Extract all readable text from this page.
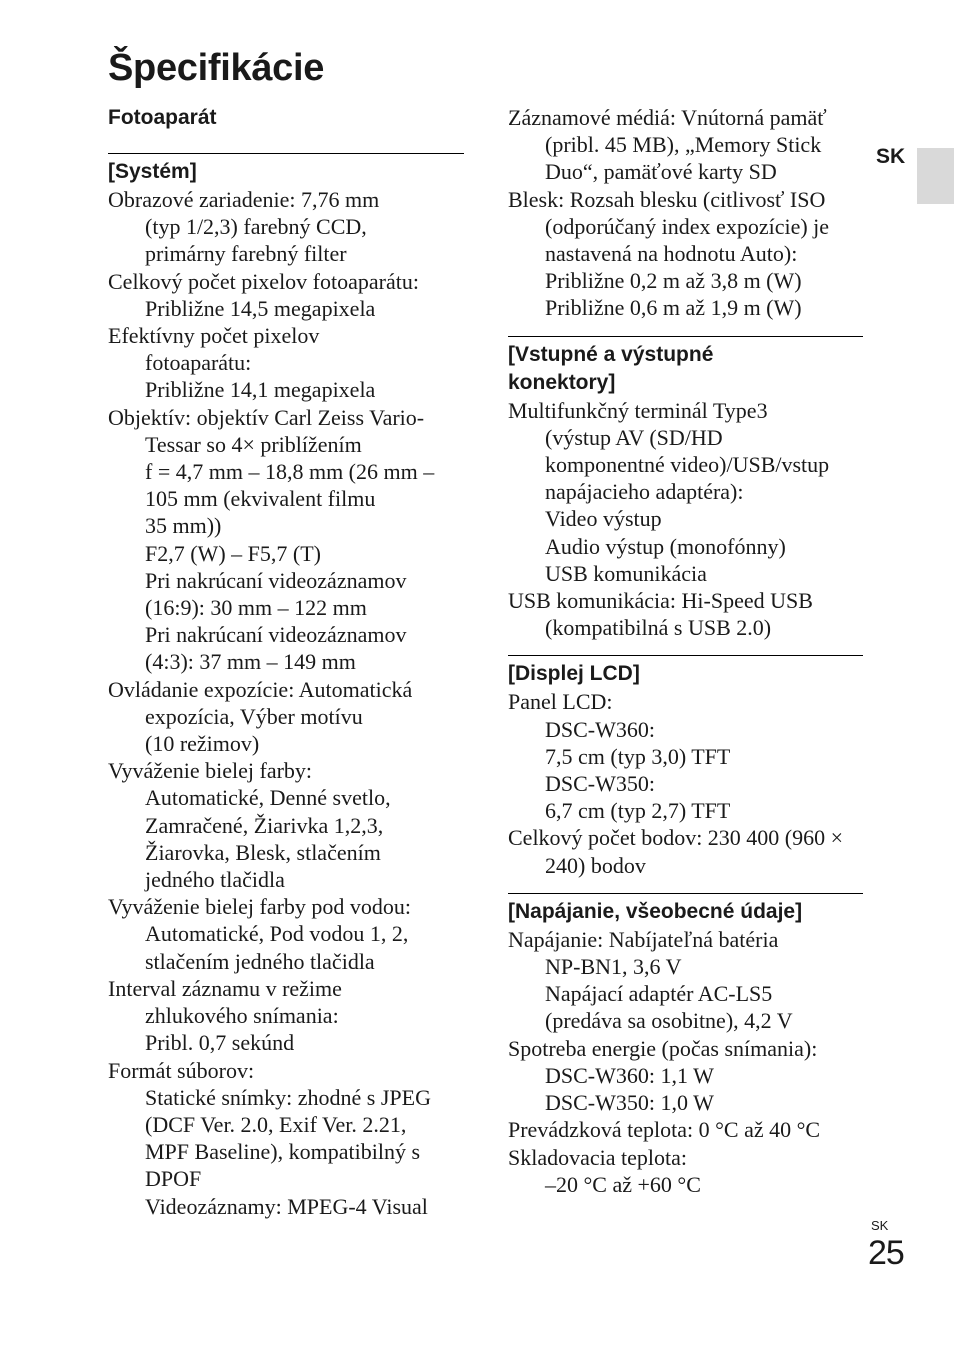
Špecifikácie
SK
Fotoaparát
[Systém]
Obrazové zariadenie: 7,76 mm
(typ 1/2,3) farebný CCD,
primárny farebný filter
Celkový počet pixelov fotoaparátu:
Približne 14,5 megapixela
Efektívny počet pixelov
fotoaparátu:
Približne 14,1 megapixela
Objektív: objektív Carl Zeiss Vario-
Tessar so 4× priblížením
f = 4,7 mm – 18,8 mm (26 mm –
105 mm (ekvivalent filmu
35 mm))
F2,7 (W) – F5,7 (T)
Pri nakrúcaní videozáznamov
(16:9): 30 mm – 122 mm
Pri nakrúcaní videozáznamov
(4:3): 37 mm – 149 mm
Ovládanie expozície: Automatická
expozícia, Výber motívu
(10 režimov)
Vyváženie bielej farby:
Automatické, Denné svetlo,
Zamračené, Žiarivka 1,2,3,
Žiarovka, Blesk, stlačením
jedného tlačidla
Vyváženie bielej farby pod vodou:
Automatické, Pod vodou 1, 2,
stlačením jedného tlačidla
Interval záznamu v režime
zhlukového snímania:
Pribl. 0,7 sekúnd
Formát súborov:
Statické snímky: zhodné s JPEG
(DCF Ver. 2.0, Exif Ver. 2.21,
MPF Baseline), kompatibilný s
DPOF
Videozáznamy: MPEG-4 Visual
Záznamové médiá: Vnútorná pamäť
(pribl. 45 MB), „Memory Stick
Duo“, pamäťové karty SD
Blesk: Rozsah blesku (citlivosť ISO
(odporúčaný index expozície) je
nastavená na hodnotu Auto):
Približne 0,2 m až 3,8 m (W)
Približne 0,6 m až 1,9 m (W)
[Vstupné a výstupné
konektory]
Multifunkčný terminál Type3
(výstup AV (SD/HD
komponentné video)/USB/vstup
napájacieho adaptéra):
Video výstup
Audio výstup (monofónny)
USB komunikácia
USB komunikácia: Hi-Speed USB
(kompatibilná s USB 2.0)
[Displej LCD]
Panel LCD:
DSC-W360:
7,5 cm (typ 3,0) TFT
DSC-W350:
6,7 cm (typ 2,7) TFT
Celkový počet bodov: 230 400 (960 ×
240) bodov
[Napájanie, všeobecné údaje]
Napájanie: Nabíjateľná batéria
NP-BN1, 3,6 V
Napájací adaptér AC-LS5
(predáva sa osobitne), 4,2 V
Spotreba energie (počas snímania):
DSC-W360: 1,1 W
DSC-W350: 1,0 W
Prevádzková teplota: 0 °C až 40 °C
Skladovacia teplota:
–20 °C až +60 °C
SK
25
